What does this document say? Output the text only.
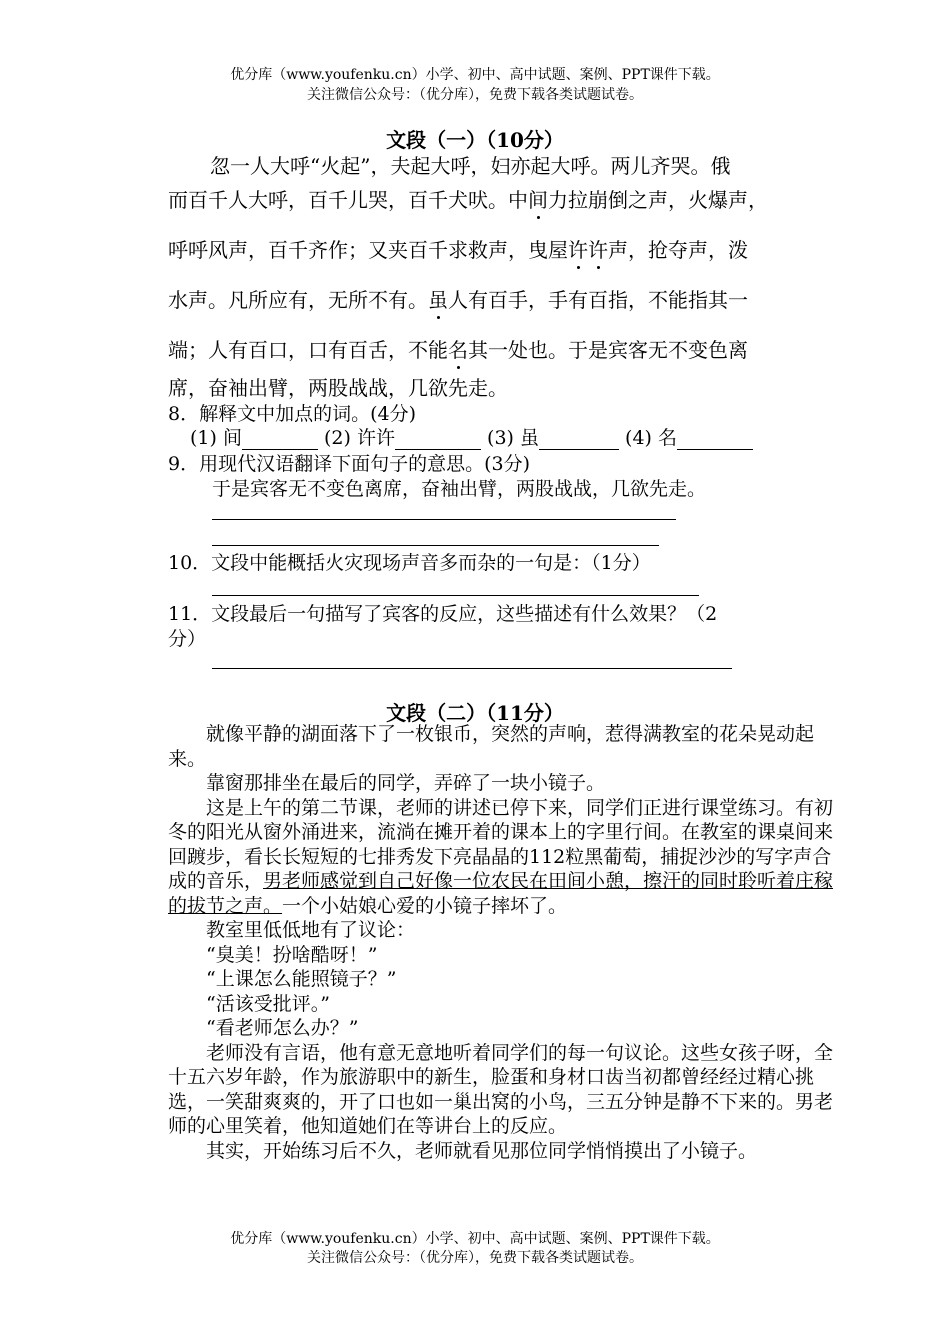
优分库（www.youfenku.cn）小学、初中、高中试题、案例、PPT课件下载。
关注微信公众号：（优分库），免费下载各类试题试卷。
文段（一）（10分）
忽一人大呼“火起”，夫起大呼，妇亦起大呼。两儿齐哭。俄
而百千人大呼，百千儿哭，百千犬吠。中间力拉崩倒之声，火爆声，
呼呼风声，百千齐作；又夹百千求救声，曳屋许许声，抢夺声，泼
水声。凡所应有，无所不有。虽人有百手，手有百指，不能指其一
端；人有百口，口有百舌，不能名其一处也。于是宾客无不变色离
席，奋袖出臂，两股战战，几欲先走。
8．解释文中加点的词。(4分)
(1) 间	(2) 许许	(3) 虽	(4) 名
9．用现代汉语翻译下面句子的意思。(3分)
于是宾客无不变色离席，奋袖出臂，两股战战，几欲先走。
10．文段中能概括火灾现场声音多而杂的一句是：（1分）
11．文段最后一句描写了宾客的反应，这些描述有什么效果？（2
分）
文段（二）（11分）

就像平静的湖面落下了一枚银币，突然的声响，惹得满教室的花朵晃动起来。

靠窗那排坐在最后的同学，弄碎了一块小镜子。

这是上午的第二节课，老师的讲述已停下来，同学们正进行课堂练习。有初冬的阳光从窗外涌进来，流淌在摊开着的课本上的字里行间。在教室的课桌间来回踱步，看长长短短的七排秀发下亮晶晶的112粒黑葡萄，捕捉沙沙的写字声合成的音乐，男老师感觉到自己好像一位农民在田间小憩，擦汗的同时聆听着庄稼的拔节之声。一个小姑娘心爱的小镜子摔坏了。

教室里低低地有了议论：

“臭美！扮啥酷呀！”

“上课怎么能照镜子？”

“活该受批评。”

“看老师怎么办？”

老师没有言语，他有意无意地听着同学们的每一句议论。这些女孩子呀，全十五六岁年龄，作为旅游职中的新生，脸蛋和身材口齿当初都曾经经过精心挑选，一笑甜爽爽的，开了口也如一巢出窝的小鸟，三五分钟是静不下来的。男老师的心里笑着，他知道她们在等讲台上的反应。

其实，开始练习后不久，老师就看见那位同学悄悄摸出了小镜子。

优分库（www.youfenku.cn）小学、初中、高中试题、案例、PPT课件下载。
关注微信公众号：（优分库），免费下载各类试题试卷。
